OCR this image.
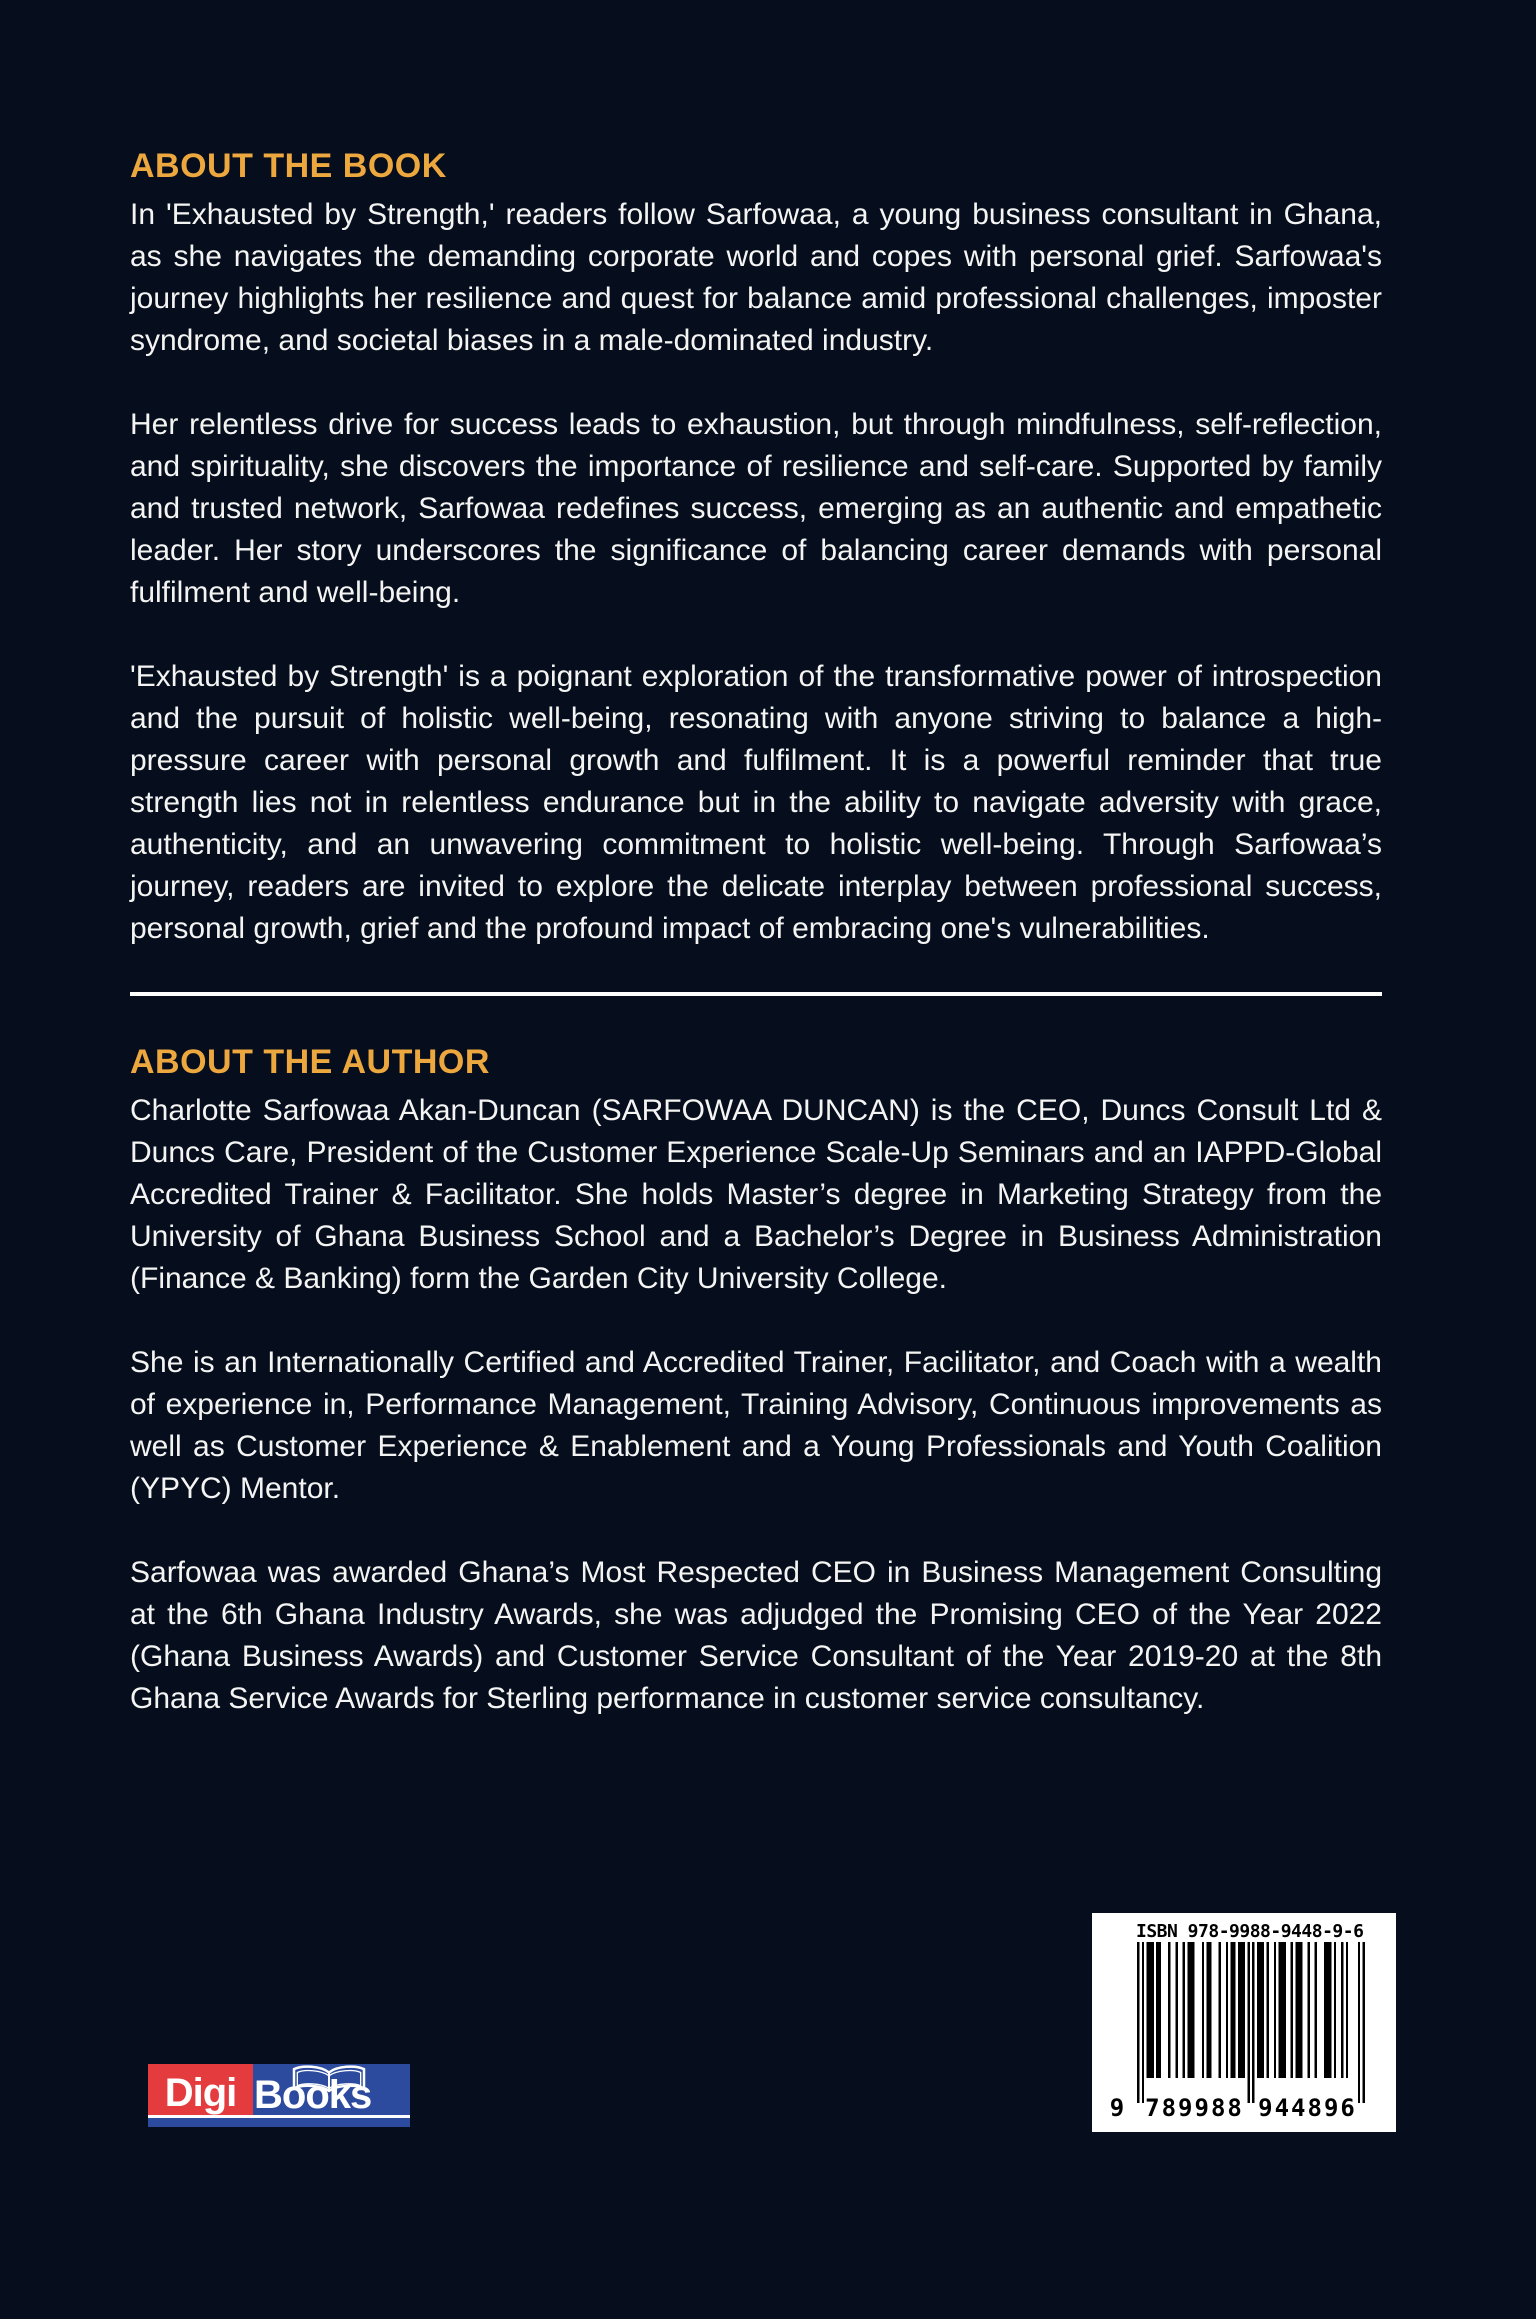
ABOUT THE BOOK

In 'Exhausted by Strength,' readers follow Sarfowaa, a young business consultant in Ghana, as she navigates the demanding corporate world and copes with personal grief. Sarfowaa's journey highlights her resilience and quest for balance amid professional challenges, imposter syndrome, and societal biases in a male-dominated industry.

Her relentless drive for success leads to exhaustion, but through mindfulness, self-reflection, and spirituality, she discovers the importance of resilience and self-care. Supported by family and trusted network, Sarfowaa redefines success, emerging as an authentic and empathetic leader. Her story underscores the significance of balancing career demands with personal fulfilment and well-being.

'Exhausted by Strength' is a poignant exploration of the transformative power of introspection and the pursuit of holistic well-being, resonating with anyone striving to balance a high-pressure career with personal growth and fulfilment. It is a powerful reminder that true strength lies not in relentless endurance but in the ability to navigate adversity with grace, authenticity, and an unwavering commitment to holistic well-being. Through Sarfowaa’s journey, readers are invited to explore the delicate interplay between professional success, personal growth, grief and the profound impact of embracing one's vulnerabilities.

ABOUT THE AUTHOR

Charlotte Sarfowaa Akan-Duncan (SARFOWAA DUNCAN) is the CEO, Duncs Consult Ltd & Duncs Care, President of the Customer Experience Scale-Up Seminars and an IAPPD-Global Accredited Trainer & Facilitator. She holds Master’s degree in Marketing Strategy from the University of Ghana Business School and a Bachelor’s Degree in Business Administration (Finance & Banking) form the Garden City University College.

She is an Internationally Certified and Accredited Trainer, Facilitator, and Coach with a wealth of experience in, Performance Management, Training Advisory, Continuous improvements as well as Customer Experience & Enablement and a Young Professionals and Youth Coalition (YPYC) Mentor.

Sarfowaa was awarded Ghana’s Most Respected CEO in Business Management Consulting at the 6th Ghana Industry Awards, she was adjudged the Promising CEO of the Year 2022 (Ghana Business Awards) and Customer Service Consultant of the Year 2019-20 at the 8th Ghana Service Awards for Sterling performance in customer service consultancy.

ISBN 978-9988-9448-9-6
9 789988 944896
Digi Books
